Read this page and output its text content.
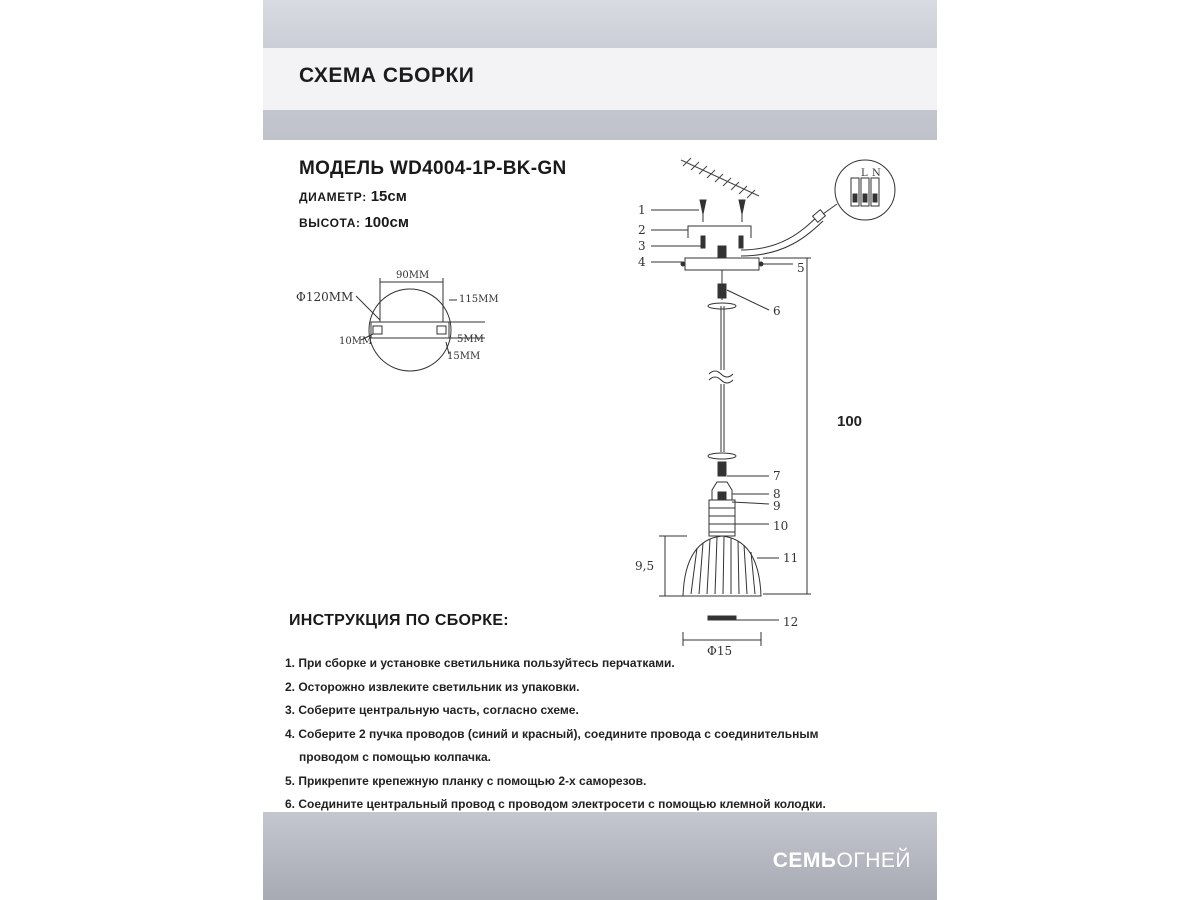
СХЕМА СБОРКИ
МОДЕЛЬ WD4004-1P-BK-GN
ДИАМЕТР: 15см
ВЫСОТА: 100см
Φ120MM
90MM
115MM
10MM	5MM
15MM
L N
1
2
3
4	5
6
7
8
9
10
11
12
100
9,5
Φ15
ИНСТРУКЦИЯ ПО СБОРКЕ:
1. При сборке и установке светильника пользуйтесь перчатками.
2. Осторожно извлеките светильник из упаковки.
3. Соберите центральную часть, согласно схеме.
4. Соберите 2 пучка проводов (синий и красный), соедините провода с соединительным
проводом с помощью колпачка.
5. Прикрепите крепежную планку с помощью 2-х саморезов.
6. Соедините центральный провод с проводом электросети с помощью клемной колодки.
СЕМЬОГНЕЙ
